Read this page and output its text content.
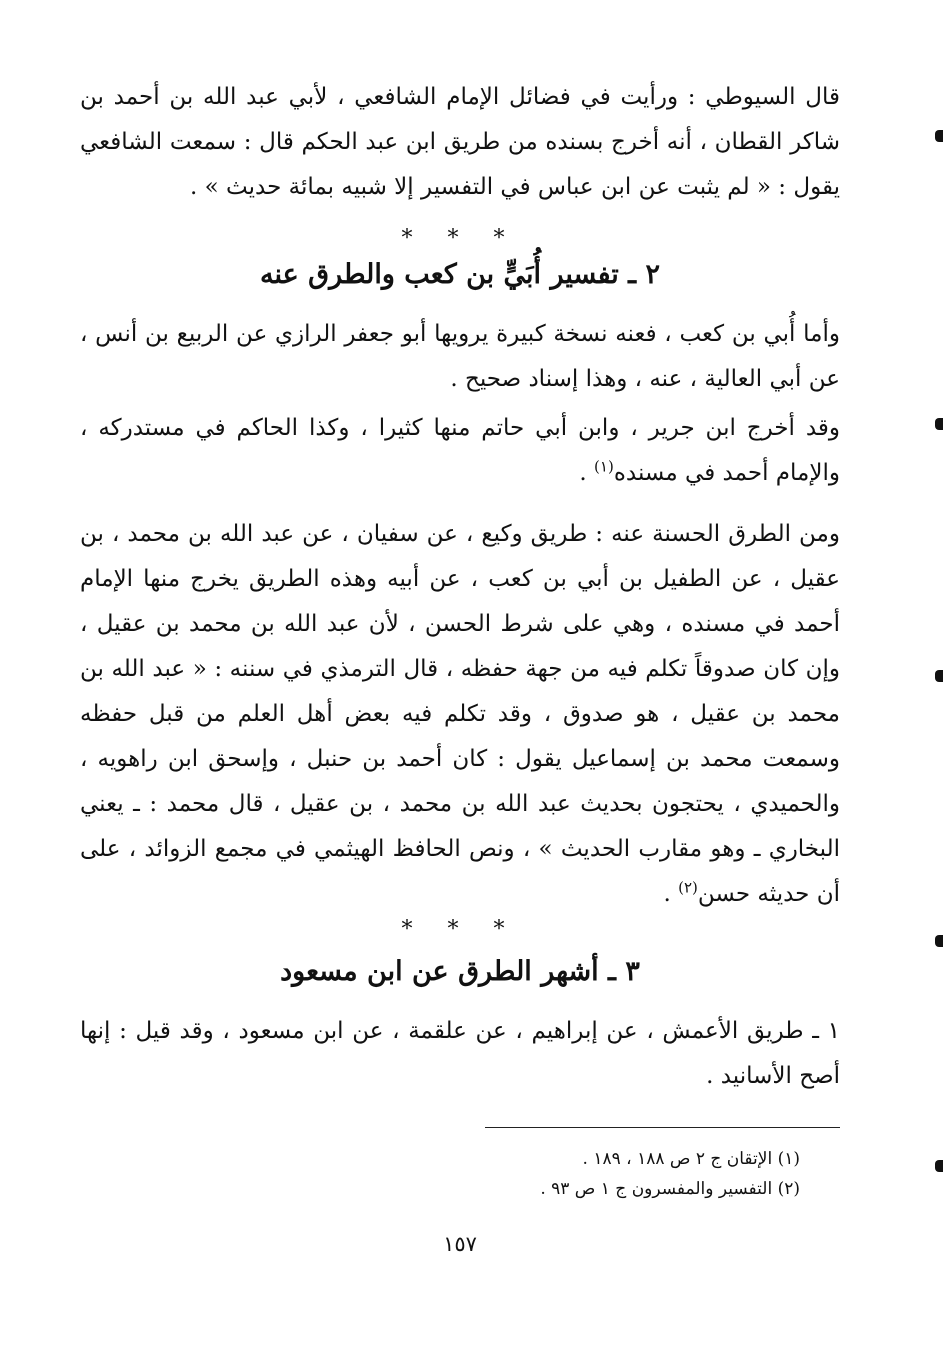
قال السيوطي : ورأيت في فضائل الإمام الشافعي ، لأبي عبد الله بن أحمد بن شاكر القطان ، أنه أخرج بسنده من طريق ابن عبد الحكم قال : سمعت الشافعي يقول : « لم يثبت عن ابن عباس في التفسير إلا شبيه بمائة حديث » .

* * *
٢ ـ تفسير أُبَيٍّ بن كعب والطرق عنه

وأما أُبي بن كعب ، فعنه نسخة كبيرة يرويها أبو جعفر الرازي عن الربيع بن أنس ، عن أبي العالية ، عنه ، وهذا إسناد صحيح .

وقد أخرج ابن جرير ، وابن أبي حاتم منها كثيرا ، وكذا الحاكم في مستدركه ، والإمام أحمد في مسنده$^{(١)}$ .

ومن الطرق الحسنة عنه : طريق وكيع ، عن سفيان ، عن عبد الله بن محمد ، بن عقيل ، عن الطفيل بن أبي بن كعب ، عن أبيه وهذه الطريق يخرج منها الإمام أحمد في مسنده ، وهي على شرط الحسن ، لأن عبد الله بن محمد بن عقيل ، وإن كان صدوقاً تكلم فيه من جهة حفظه ، قال الترمذي في سننه : « عبد الله بن محمد بن عقيل ، هو صدوق ، وقد تكلم فيه بعض أهل العلم من قبل حفظه وسمعت محمد بن إسماعيل يقول : كان أحمد بن حنبل ، وإسحق ابن راهويه ، والحميدي ، يحتجون بحديث عبد الله بن محمد ، بن عقيل ، قال محمد : ـ يعني البخاري ـ وهو مقارب الحديث » ، ونص الحافظ الهيثمي في مجمع الزوائد ، على أن حديثه حسن$^{(٢)}$ .

* * *
٣ ـ أشهر الطرق عن ابن مسعود

١ ـ طريق الأعمش ، عن إبراهيم ، عن علقمة ، عن ابن مسعود ، وقد قيل : إنها أصح الأسانيد .

(١) الإتقان ج ٢ ص ١٨٨ ، ١٨٩ .

(٢) التفسير والمفسرون ج ١ ص ٩٣ .

١٥٧
